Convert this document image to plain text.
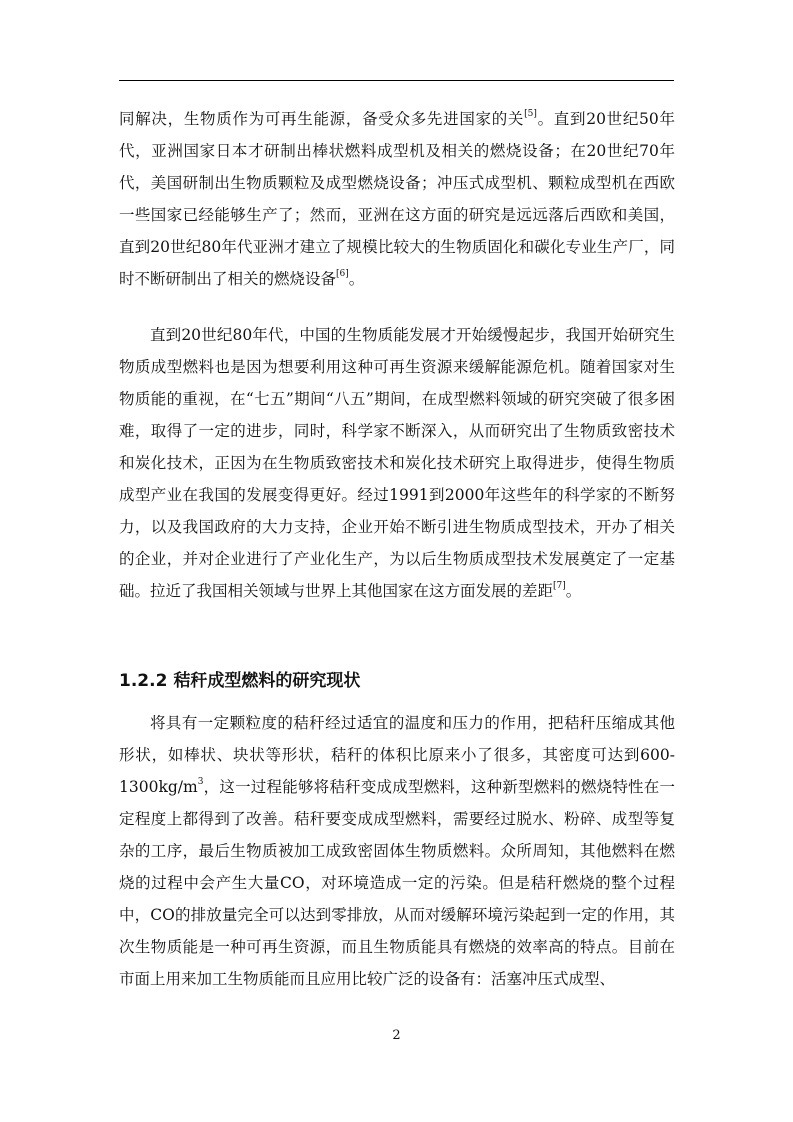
同解决，生物质作为可再生能源，备受众多先进国家的关[5]。直到20世纪50年代，亚洲国家日本才研制出棒状燃料成型机及相关的燃烧设备；在20世纪70年代，美国研制出生物质颗粒及成型燃烧设备；冲压式成型机、颗粒成型机在西欧一些国家已经能够生产了；然而，亚洲在这方面的研究是远远落后西欧和美国，直到20世纪80年代亚洲才建立了规模比较大的生物质固化和碳化专业生产厂，同时不断研制出了相关的燃烧设备[6]。

直到20世纪80年代，中国的生物质能发展才开始缓慢起步，我国开始研究生物质成型燃料也是因为想要利用这种可再生资源来缓解能源危机。随着国家对生物质能的重视，在“七五”期间“八五”期间，在成型燃料领域的研究突破了很多困难，取得了一定的进步，同时，科学家不断深入，从而研究出了生物质致密技术和炭化技术，正因为在生物质致密技术和炭化技术研究上取得进步，使得生物质成型产业在我国的发展变得更好。经过1991到2000年这些年的科学家的不断努力，以及我国政府的大力支持，企业开始不断引进生物质成型技术，开办了相关的企业，并对企业进行了产业化生产，为以后生物质成型技术发展奠定了一定基础。拉近了我国相关领域与世界上其他国家在这方面发展的差距[7]。

1.2.2 秸秆成型燃料的研究现状

将具有一定颗粒度的秸秆经过适宜的温度和压力的作用，把秸秆压缩成其他形状，如棒状、块状等形状，秸秆的体积比原来小了很多，其密度可达到$600-1300kg/m^3$，这一过程能够将秸秆变成成型燃料，这种新型燃料的燃烧特性在一定程度上都得到了改善。秸秆要变成成型燃料，需要经过脱水、粉碎、成型等复杂的工序，最后生物质被加工成致密固体生物质燃料。众所周知，其他燃料在燃烧的过程中会产生大量CO，对环境造成一定的污染。但是秸秆燃烧的整个过程中，CO的排放量完全可以达到零排放，从而对缓解环境污染起到一定的作用，其次生物质能是一种可再生资源，而且生物质能具有燃烧的效率高的特点。目前在市面上用来加工生物质能而且应用比较广泛的设备有：活塞冲压式成型、

2
